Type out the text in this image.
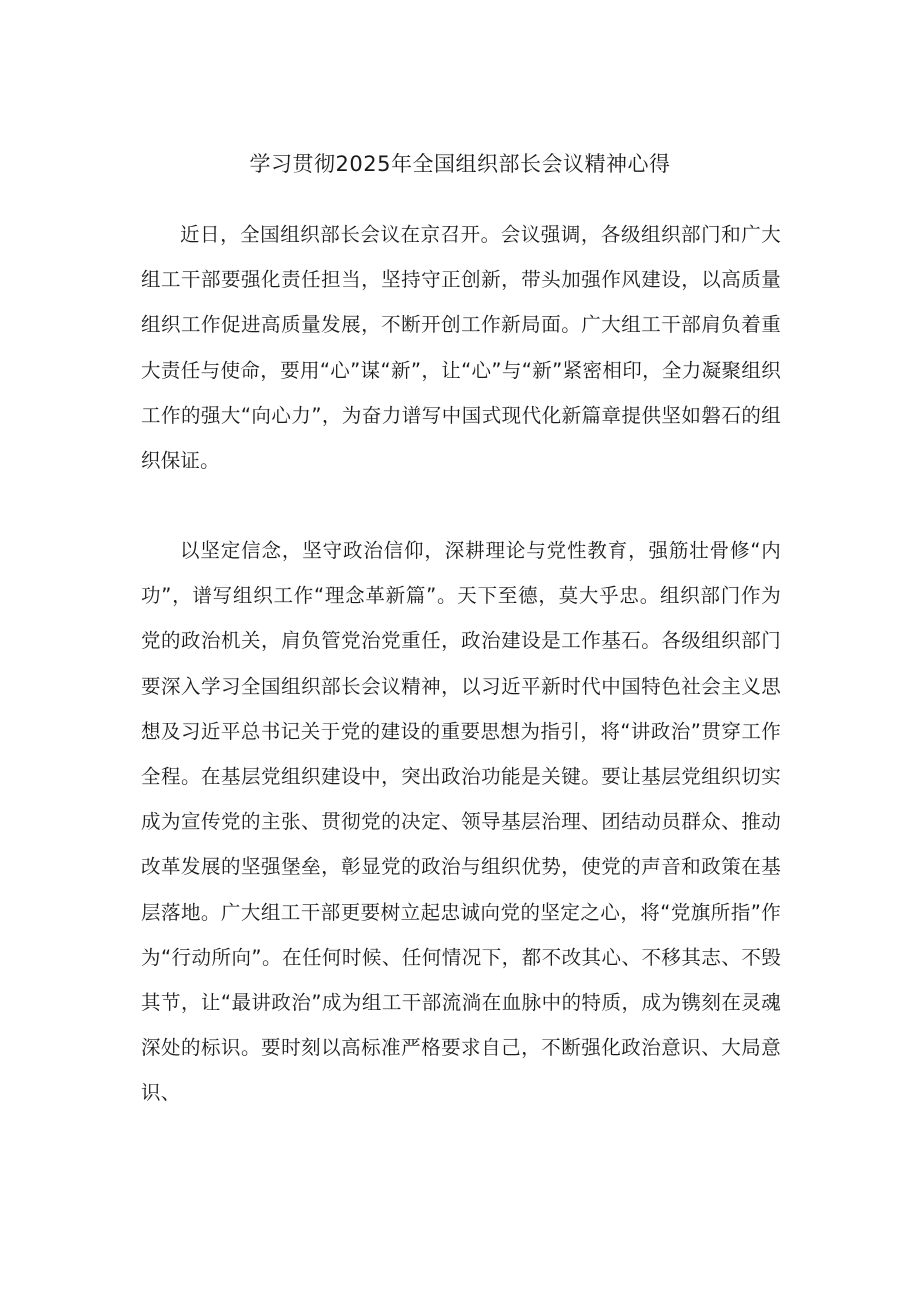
学习贯彻2025年全国组织部长会议精神心得

近日，全国组织部长会议在京召开。会议强调，各级组织部门和广大组工干部要强化责任担当，坚持守正创新，带头加强作风建设，以高质量组织工作促进高质量发展，不断开创工作新局面。广大组工干部肩负着重大责任与使命，要用“心”谋“新”，让“心”与“新”紧密相印，全力凝聚组织工作的强大“向心力”，为奋力谱写中国式现代化新篇章提供坚如磐石的组织保证。

以坚定信念，坚守政治信仰，深耕理论与党性教育，强筋壮骨修“内功”，谱写组织工作“理念革新篇”。天下至德，莫大乎忠。组织部门作为党的政治机关，肩负管党治党重任，政治建设是工作基石。各级组织部门要深入学习全国组织部长会议精神，以习近平新时代中国特色社会主义思想及习近平总书记关于党的建设的重要思想为指引，将“讲政治”贯穿工作全程。在基层党组织建设中，突出政治功能是关键。要让基层党组织切实成为宣传党的主张、贯彻党的决定、领导基层治理、团结动员群众、推动改革发展的坚强堡垒，彰显党的政治与组织优势，使党的声音和政策在基层落地。广大组工干部更要树立起忠诚向党的坚定之心，将“党旗所指”作为“行动所向”。在任何时候、任何情况下，都不改其心、不移其志、不毁其节，让“最讲政治”成为组工干部流淌在血脉中的特质，成为镌刻在灵魂深处的标识。要时刻以高标准严格要求自己，不断强化政治意识、大局意识、
